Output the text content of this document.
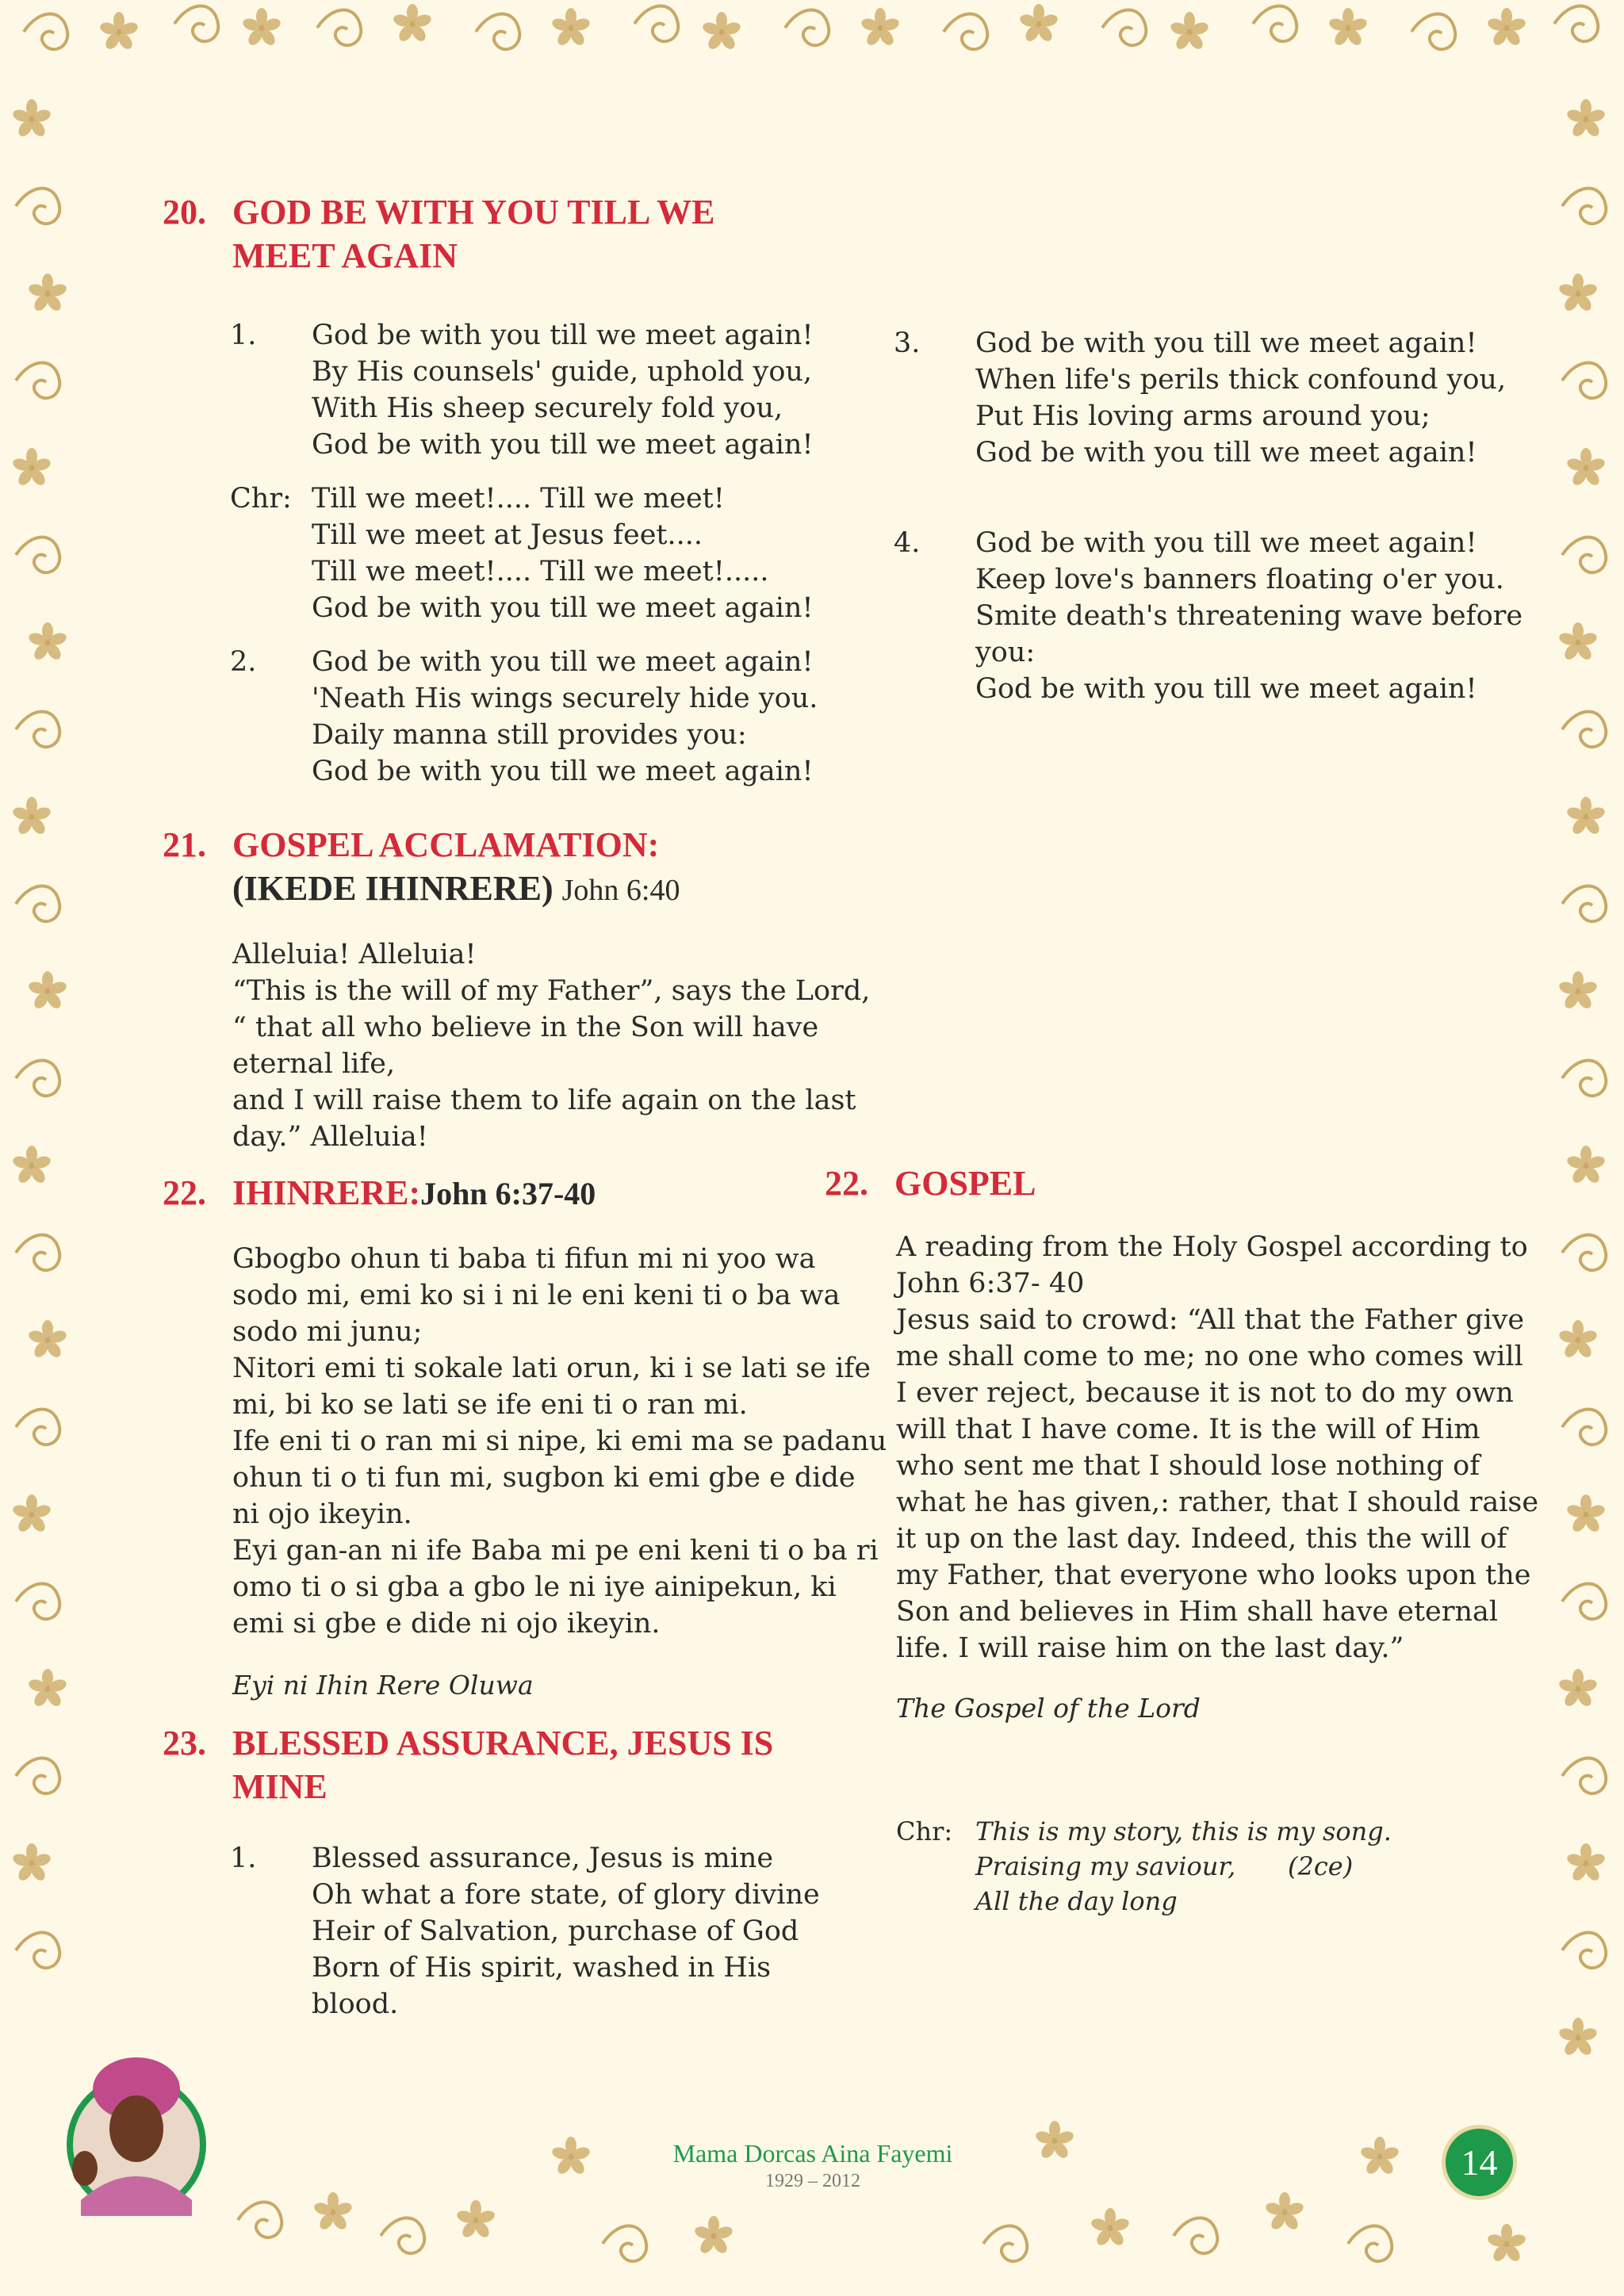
20. GOD BE WITH YOU TILL WE
MEET AGAIN
1.	God be with you till we meet again!
By His counsels' guide, uphold you,
With His sheep securely fold you,
God be with you till we meet again!
Chr: Till we meet!.... Till we meet!
Till we meet at Jesus feet....
Till we meet!.... Till we meet!.....
God be with you till we meet again!
2.	God be with you till we meet again!
'Neath His wings securely hide you.
Daily manna still provides you:
God be with you till we meet again!
21. GOSPEL ACCLAMATION:
(IKEDE IHINRERE) John 6:40
Alleluia! Alleluia!
“This is the will of my Father”, says the Lord,
“ that all who believe in the Son will have
eternal life,
and I will raise them to life again on the last
day.” Alleluia!
22. IHINRERE:John 6:37-40
Gbogbo ohun ti baba ti fifun mi ni yoo wa
sodo mi, emi ko si i ni le eni keni ti o ba wa
sodo mi junu;
Nitori emi ti sokale lati orun, ki i se lati se ife
mi, bi ko se lati se ife eni ti o ran mi.
Ife eni ti o ran mi si nipe, ki emi ma se padanu
ohun ti o ti fun mi, sugbon ki emi gbe e dide
ni ojo ikeyin.
Eyi gan-an ni ife Baba mi pe eni keni ti o ba ri
omo ti o si gba a gbo le ni iye ainipekun, ki
emi si gbe e dide ni ojo ikeyin.
Eyi ni Ihin Rere Oluwa
23. BLESSED ASSURANCE, JESUS IS
MINE
1.	Blessed assurance, Jesus is mine
Oh what a fore state, of glory divine
Heir of Salvation, purchase of God
Born of His spirit, washed in His
blood.
3.	God be with you till we meet again!
When life's perils thick confound you,
Put His loving arms around you;
God be with you till we meet again!
4.	God be with you till we meet again!
Keep love's banners floating o'er you.
Smite death's threatening wave before
you:
God be with you till we meet again!
22. GOSPEL
A reading from the Holy Gospel according to
John 6:37- 40
Jesus said to crowd: “All that the Father give
me shall come to me; no one who comes will
I ever reject, because it is not to do my own
will that I have come. It is the will of Him
who sent me that I should lose nothing of
what he has given,: rather, that I should raise
it up on the last day. Indeed, this the will of
my Father, that everyone who looks upon the
Son and believes in Him shall have eternal
life. I will raise him on the last day.”
The Gospel of the Lord
Chr: This is my story, this is my song.
Praising my saviour,
All the day long
(2ce)
Mama Dorcas Aina Fayemi
1929 – 2012	14
